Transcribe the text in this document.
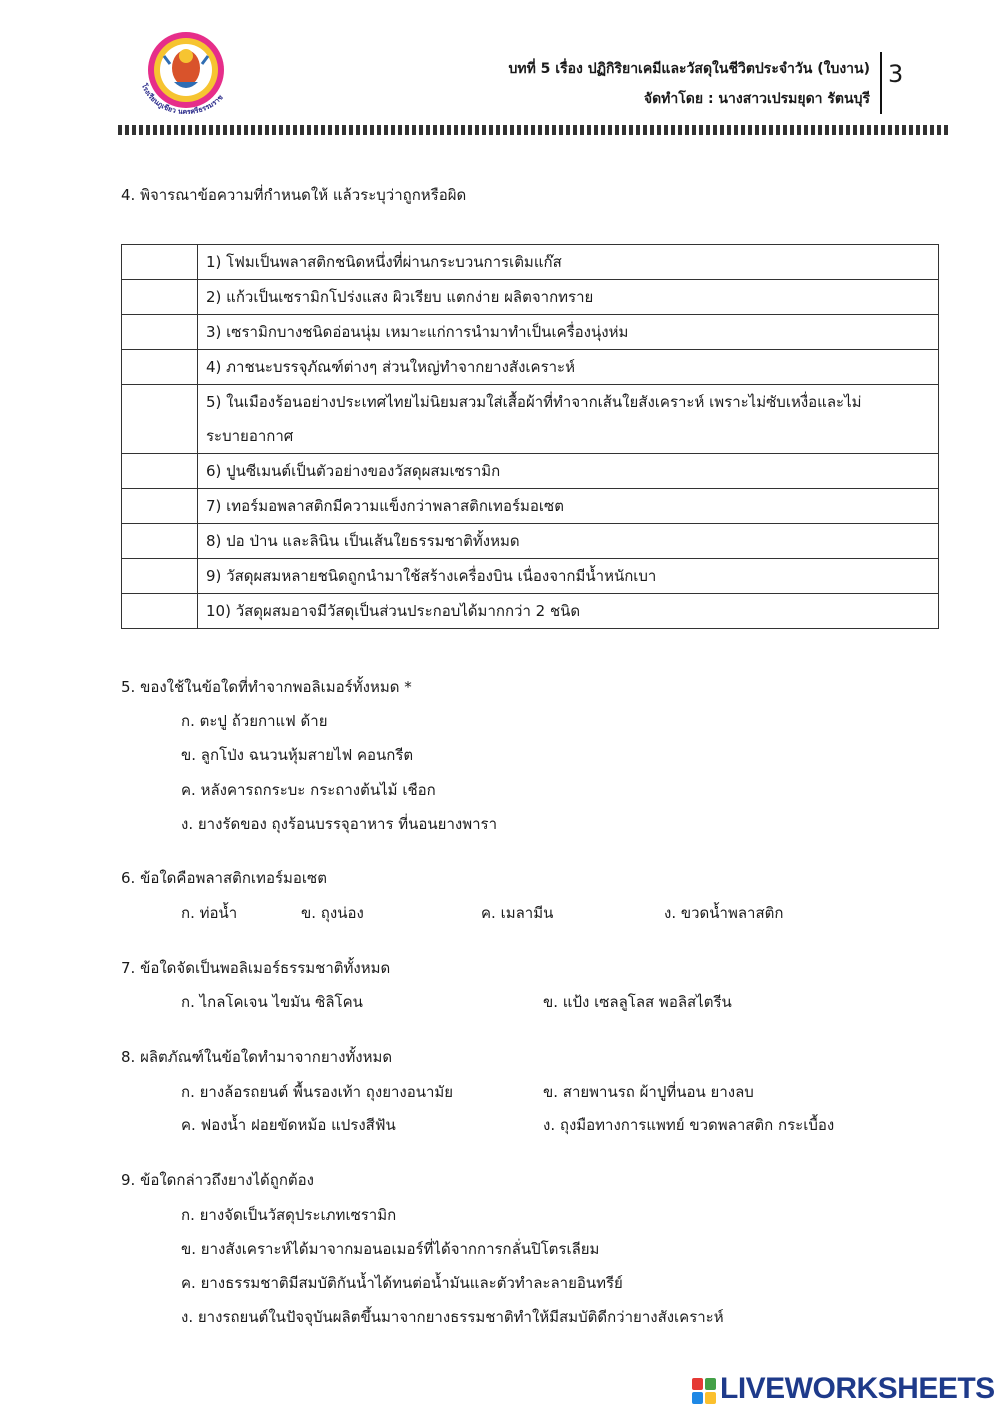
โรงเรียนภูเขียว นครศรีธรรมราช
บทที่ 5 เรื่อง ปฏิกิริยาเคมีและวัสดุในชีวิตประจำวัน (ใบงาน)
จัดทำโดย : นางสาวเปรมยุดา รัตนบุรี
3
4. พิจารณาข้อความที่กำหนดให้ แล้วระบุว่าถูกหรือผิด
	1) โฟมเป็นพลาสติกชนิดหนึ่งที่ผ่านกระบวนการเติมแก๊ส
	2) แก้วเป็นเซรามิกโปร่งแสง ผิวเรียบ แตกง่าย ผลิตจากทราย
	3) เซรามิกบางชนิดอ่อนนุ่ม เหมาะแก่การนำมาทำเป็นเครื่องนุ่งห่ม
	4) ภาชนะบรรจุภัณฑ์ต่างๆ ส่วนใหญ่ทำจากยางสังเคราะห์

	5) ในเมืองร้อนอย่างประเทศไทยไม่นิยมสวมใส่เสื้อผ้าที่ทำจากเส้นใยสังเคราะห์ เพราะไม่ซับเหงื่อและไม่
ระบายอากาศ

	6) ปูนซีเมนต์เป็นตัวอย่างของวัสดุผสมเซรามิก
	7) เทอร์มอพลาสติกมีความแข็งกว่าพลาสติกเทอร์มอเซต
	8) ปอ ป่าน และลินิน เป็นเส้นใยธรรมชาติทั้งหมด
	9) วัสดุผสมหลายชนิดถูกนำมาใช้สร้างเครื่องบิน เนื่องจากมีน้ำหนักเบา
	10) วัสดุผสมอาจมีวัสดุเป็นส่วนประกอบได้มากกว่า 2 ชนิด
5. ของใช้ในข้อใดที่ทำจากพอลิเมอร์ทั้งหมด *
ก. ตะปู ถ้วยกาแฟ ด้าย
ข. ลูกโป่ง ฉนวนหุ้มสายไฟ คอนกรีต
ค. หลังคารถกระบะ กระถางต้นไม้ เชือก
ง. ยางรัดของ ถุงร้อนบรรจุอาหาร ที่นอนยางพารา
6. ข้อใดคือพลาสติกเทอร์มอเซต
ก. ท่อน้ำ	ข. ถุงน่อง	ค. เมลามีน	ง. ขวดน้ำพลาสติก
7. ข้อใดจัดเป็นพอลิเมอร์ธรรมชาติทั้งหมด
ก. ไกลโคเจน ไขมัน ซิลิโคน	ข. แป้ง เซลลูโลส พอลิสไตรีน
8. ผลิตภัณฑ์ในข้อใดทำมาจากยางทั้งหมด
ก. ยางล้อรถยนต์ พื้นรองเท้า ถุงยางอนามัย	ข. สายพานรถ ผ้าปูที่นอน ยางลบ
ค. ฟองน้ำ ฝอยขัดหม้อ แปรงสีฟัน	ง. ถุงมือทางการแพทย์ ขวดพลาสติก กระเบื้อง
9. ข้อใดกล่าวถึงยางได้ถูกต้อง
ก. ยางจัดเป็นวัสดุประเภทเซรามิก
ข. ยางสังเคราะห์ได้มาจากมอนอเมอร์ที่ได้จากการกลั่นปิโตรเลียม
ค. ยางธรรมชาติมีสมบัติกันน้ำได้ทนต่อน้ำมันและตัวทำละลายอินทรีย์
ง. ยางรถยนต์ในปัจจุบันผลิตขึ้นมาจากยางธรรมชาติทำให้มีสมบัติดีกว่ายางสังเคราะห์
LIVEWORKSHEETS
